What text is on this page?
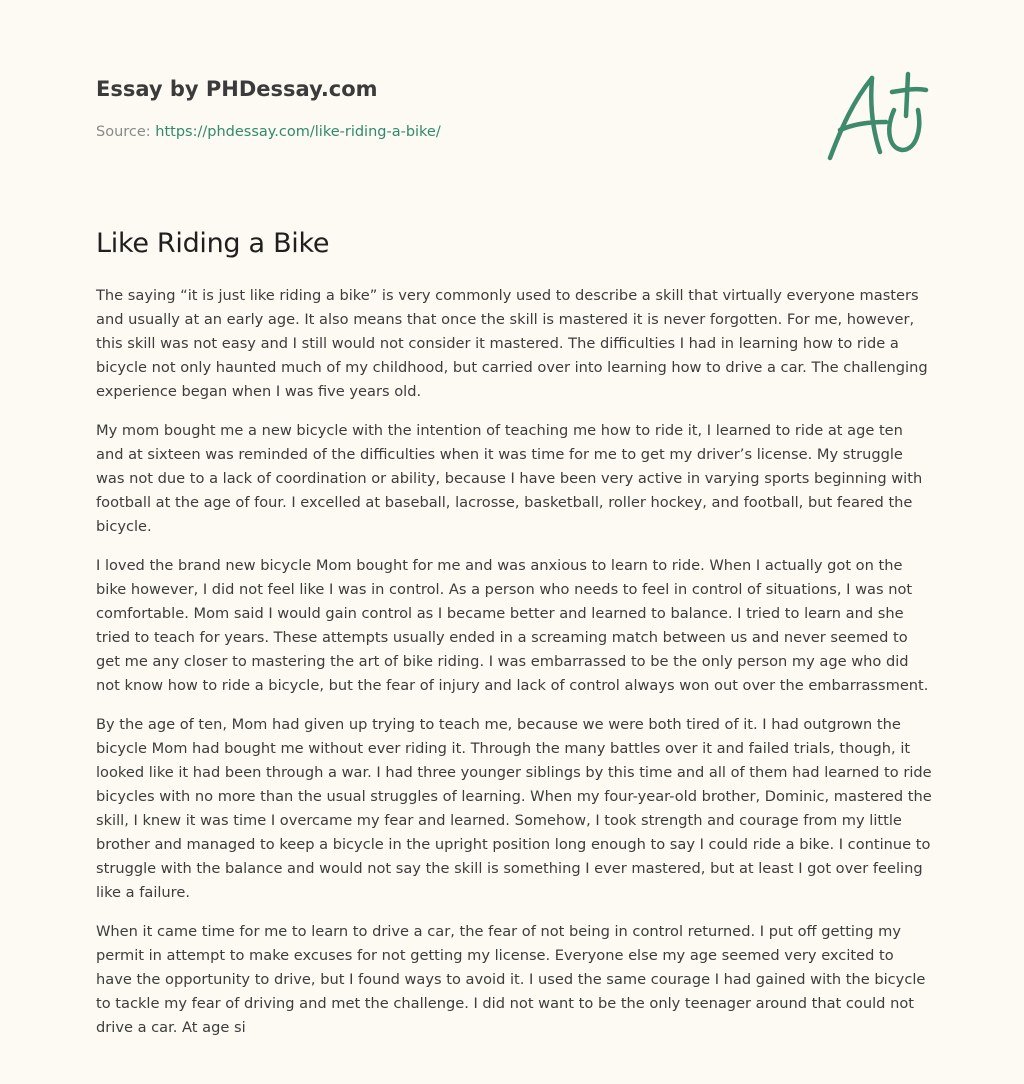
Essay by PHDessay.com
Source: https://phdessay.com/like-riding-a-bike/
Like Riding a Bike

The saying “it is just like riding a bike” is very commonly used to describe a skill that virtually everyone masters and usually at an early age. It also means that once the skill is mastered it is never forgotten. For me, however, this skill was not easy and I still would not consider it mastered. The difficulties I had in learning how to ride a bicycle not only haunted much of my childhood, but carried over into learning how to drive a car. The challenging experience began when I was five years old.

My mom bought me a new bicycle with the intention of teaching me how to ride it, I learned to ride at age ten and at sixteen was reminded of the difficulties when it was time for me to get my driver’s license. My struggle was not due to a lack of coordination or ability, because I have been very active in varying sports beginning with football at the age of four. I excelled at baseball, lacrosse, basketball, roller hockey, and football, but feared the bicycle.

I loved the brand new bicycle Mom bought for me and was anxious to learn to ride. When I actually got on the bike however, I did not feel like I was in control. As a person who needs to feel in control of situations, I was not comfortable. Mom said I would gain control as I became better and learned to balance. I tried to learn and she tried to teach for years. These attempts usually ended in a screaming match between us and never seemed to get me any closer to mastering the art of bike riding. I was embarrassed to be the only person my age who did not know how to ride a bicycle, but the fear of injury and lack of control always won out over the embarrassment.

By the age of ten, Mom had given up trying to teach me, because we were both tired of it. I had outgrown the bicycle Mom had bought me without ever riding it. Through the many battles over it and failed trials, though, it looked like it had been through a war. I had three younger siblings by this time and all of them had learned to ride bicycles with no more than the usual struggles of learning. When my four-year-old brother, Dominic, mastered the skill, I knew it was time I overcame my fear and learned. Somehow, I took strength and courage from my little brother and managed to keep a bicycle in the upright position long enough to say I could ride a bike. I continue to struggle with the balance and would not say the skill is something I ever mastered, but at least I got over feeling like a failure.

When it came time for me to learn to drive a car, the fear of not being in control returned. I put off getting my permit in attempt to make excuses for not getting my license. Everyone else my age seemed very excited to have the opportunity to drive, but I found ways to avoid it. I used the same courage I had gained with the bicycle to tackle my fear of driving and met the challenge. I did not want to be the only teenager around that could not drive a car. At age si
